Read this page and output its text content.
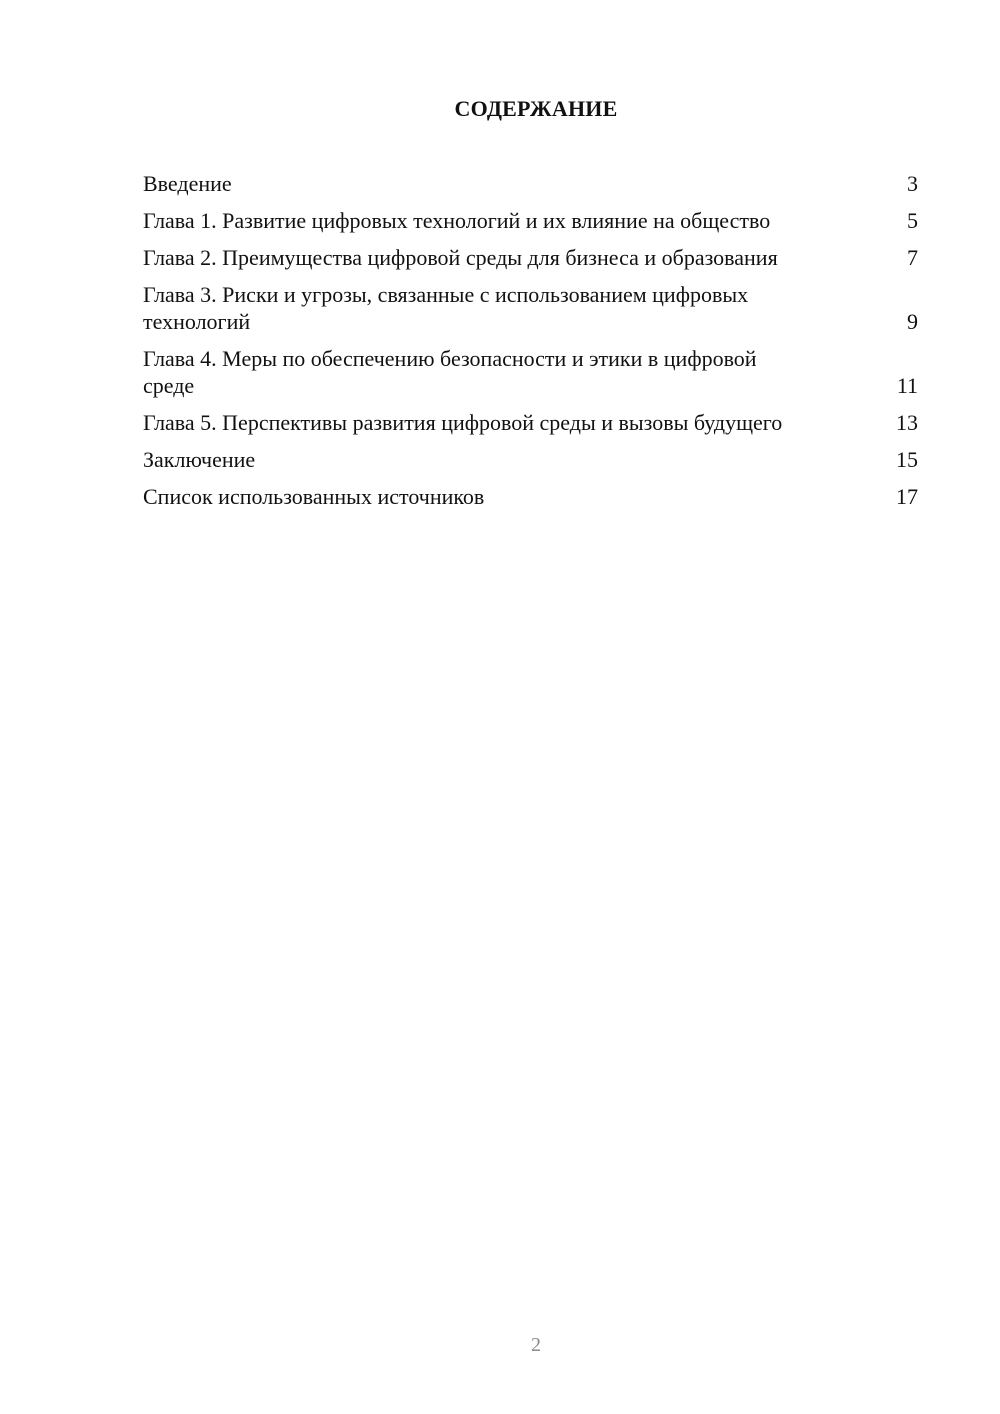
СОДЕРЖАНИЕ
Введение	3
Глава 1. Развитие цифровых технологий и их влияние на общество	5
Глава 2. Преимущества цифровой среды для бизнеса и образования	7
Глава 3. Риски и угрозы, связанные с использованием цифровых технологий	9
Глава 4. Меры по обеспечению безопасности и этики в цифровой среде	11
Глава 5. Перспективы развития цифровой среды и вызовы будущего	13
Заключение	15
Список использованных источников	17
2
